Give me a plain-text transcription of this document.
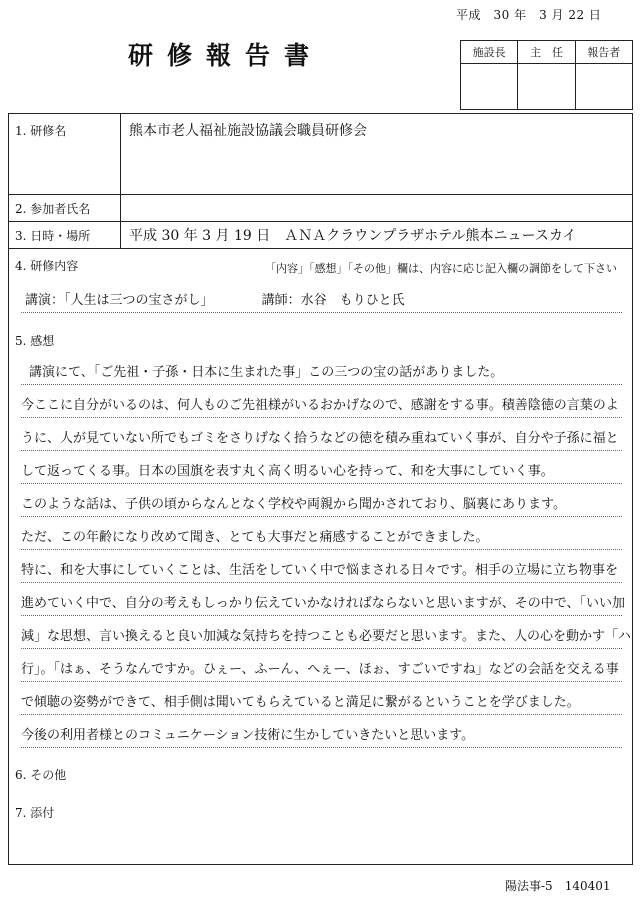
平成　30 年　3 月 22 日
研修報告書	施設長	主　任	報告者
1. 研修名	熊本市老人福祉施設協議会職員研修会
2. 参加者氏名
3. 日時・場所	平成 30 年 3 月 19 日　ＡＮＡクラウンプラザホテル熊本ニュースカイ
4. 研修内容	「内容」「感想」「その他」欄は、内容に応じ記入欄の調節をして下さい
講演：「人生は三つの宝さがし」	講師：水谷　もりひと氏
5. 感想
講演にて、「ご先祖・子孫・日本に生まれた事」この三つの宝の話がありました。
今ここに自分がいるのは、何人ものご先祖様がいるおかげなので、感謝をする事。積善陰徳の言葉のよ
うに、人が見ていない所でもゴミをさりげなく拾うなどの徳を積み重ねていく事が、自分や子孫に福と
して返ってくる事。日本の国旗を表す丸く高く明るい心を持って、和を大事にしていく事。
このような話は、子供の頃からなんとなく学校や両親から聞かされており、脳裏にあります。
ただ、この年齢になり改めて聞き、とても大事だと痛感することができました。
特に、和を大事にしていくことは、生活をしていく中で悩まされる日々です。相手の立場に立ち物事を
進めていく中で、自分の考えもしっかり伝えていかなければならないと思いますが、その中で、「いい加
減」な思想、言い換えると良い加減な気持ちを持つことも必要だと思います。また、人の心を動かす「ハ
行」。「はぁ、そうなんですか。ひぇー、ふーん、へぇー、ほぉ、すごいですね」などの会話を交える事
で傾聴の姿勢ができて、相手側は聞いてもらえていると満足に繋がるということを学びました。
今後の利用者様とのコミュニケーション技術に生かしていきたいと思います。
6. その他
7. 添付
陽法事-5　140401
